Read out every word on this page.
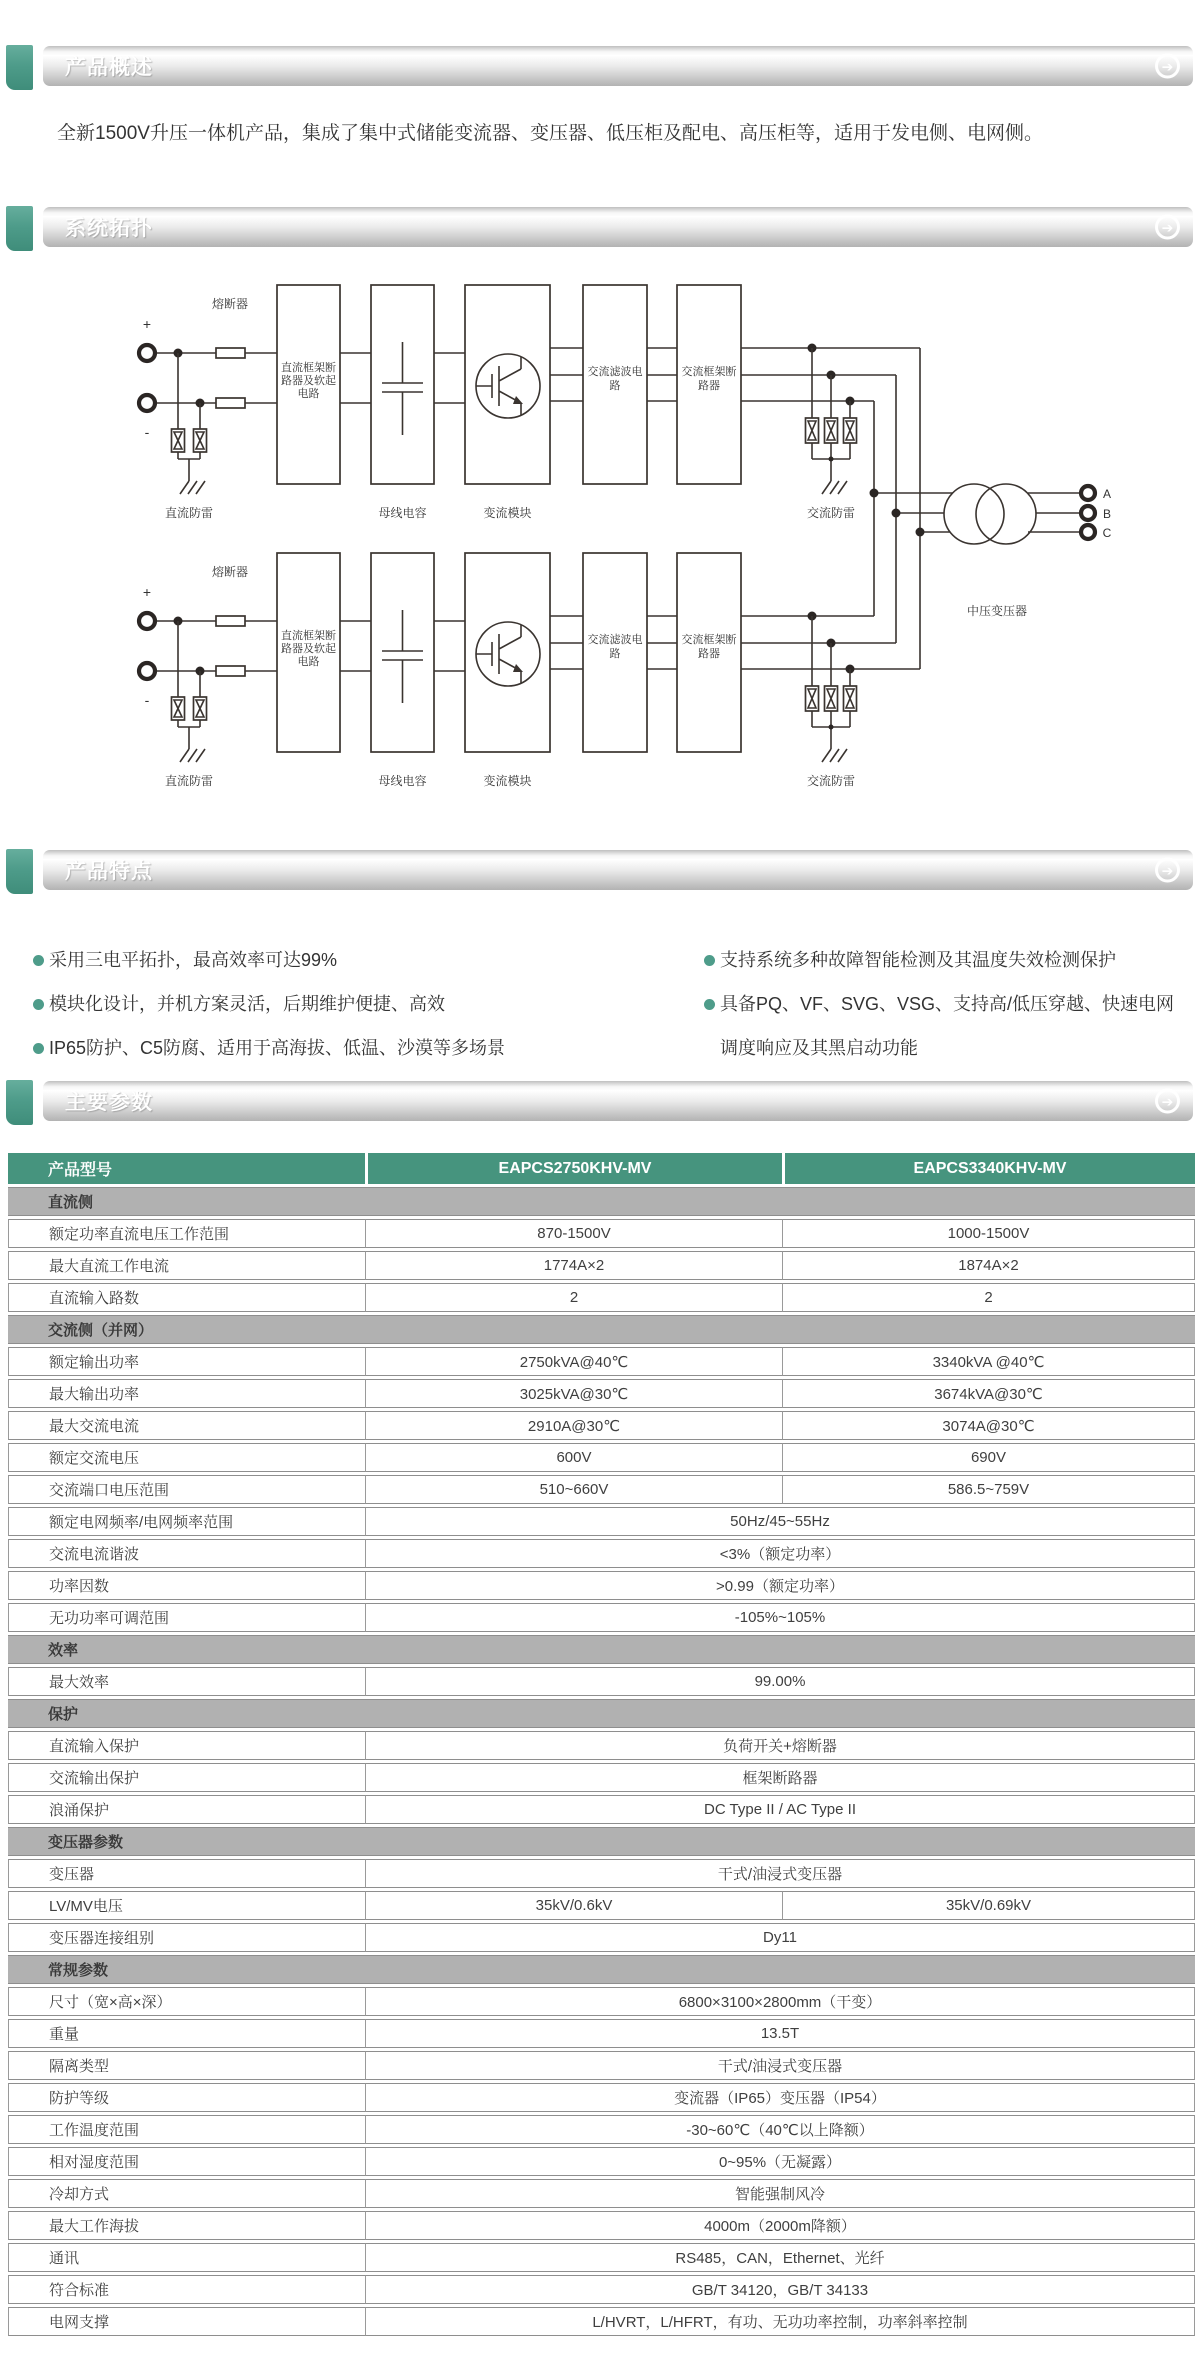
产品概述	➔

全新1500V升压一体机产品，集成了集中式储能变流器、变压器、低压柜及配电、高压柜等，适用于发电侧、电网侧。

系统拓扑	➔
A
B
C
中压变压器
产品特点	➔
采用三电平拓扑，最高效率可达99%
模块化设计，并机方案灵活，后期维护便捷、高效
IP65防护、C5防腐、适用于高海拔、低温、沙漠等多场景
支持系统多种故障智能检测及其温度失效检测保护
具备PQ、VF、SVG、VSG、支持高/低压穿越、快速电网调度响应及其黑启动功能
主要参数	➔
产品型号	EAPCS2750KHV-MV	EAPCS3340KHV-MV
直流侧		
额定功率直流电压工作范围	870-1500V	1000-1500V
最大直流工作电流	1774A×2	1874A×2
直流输入路数	2	2
交流侧（并网）		
额定输出功率	2750kVA@40℃	3340kVA @40℃
最大输出功率	3025kVA@30℃	3674kVA@30℃
最大交流电流	2910A@30℃	3074A@30℃
额定交流电压	600V	690V
交流端口电压范围	510~660V	586.5~759V
额定电网频率/电网频率范围	50Hz/45~55Hz	
交流电流谐波	<3%（额定功率）	
功率因数	>0.99（额定功率）	
无功功率可调范围	-105%~105%	
效率		
最大效率	99.00%	
保护		
直流输入保护	负荷开关+熔断器	
交流输出保护	框架断路器	
浪涌保护	DC Type II / AC Type II	
变压器参数		
变压器	干式/油浸式变压器	
LV/MV电压	35kV/0.6kV	35kV/0.69kV
变压器连接组别	Dy11	
常规参数		
尺寸（宽×高×深）	6800×3100×2800mm（干变）	
重量	13.5T	
隔离类型	干式/油浸式变压器	
防护等级	变流器（IP65）变压器（IP54）	
工作温度范围	-30~60℃（40℃以上降额）	
相对湿度范围	0~95%（无凝露）	
冷却方式	智能强制风冷	
最大工作海拔	4000m（2000m降额）	
通讯	RS485，CAN，Ethernet、光纤	
符合标准	GB/T 34120，GB/T 34133	
电网支撑	L/HVRT，L/HFRT，有功、无功功率控制，功率斜率控制	
